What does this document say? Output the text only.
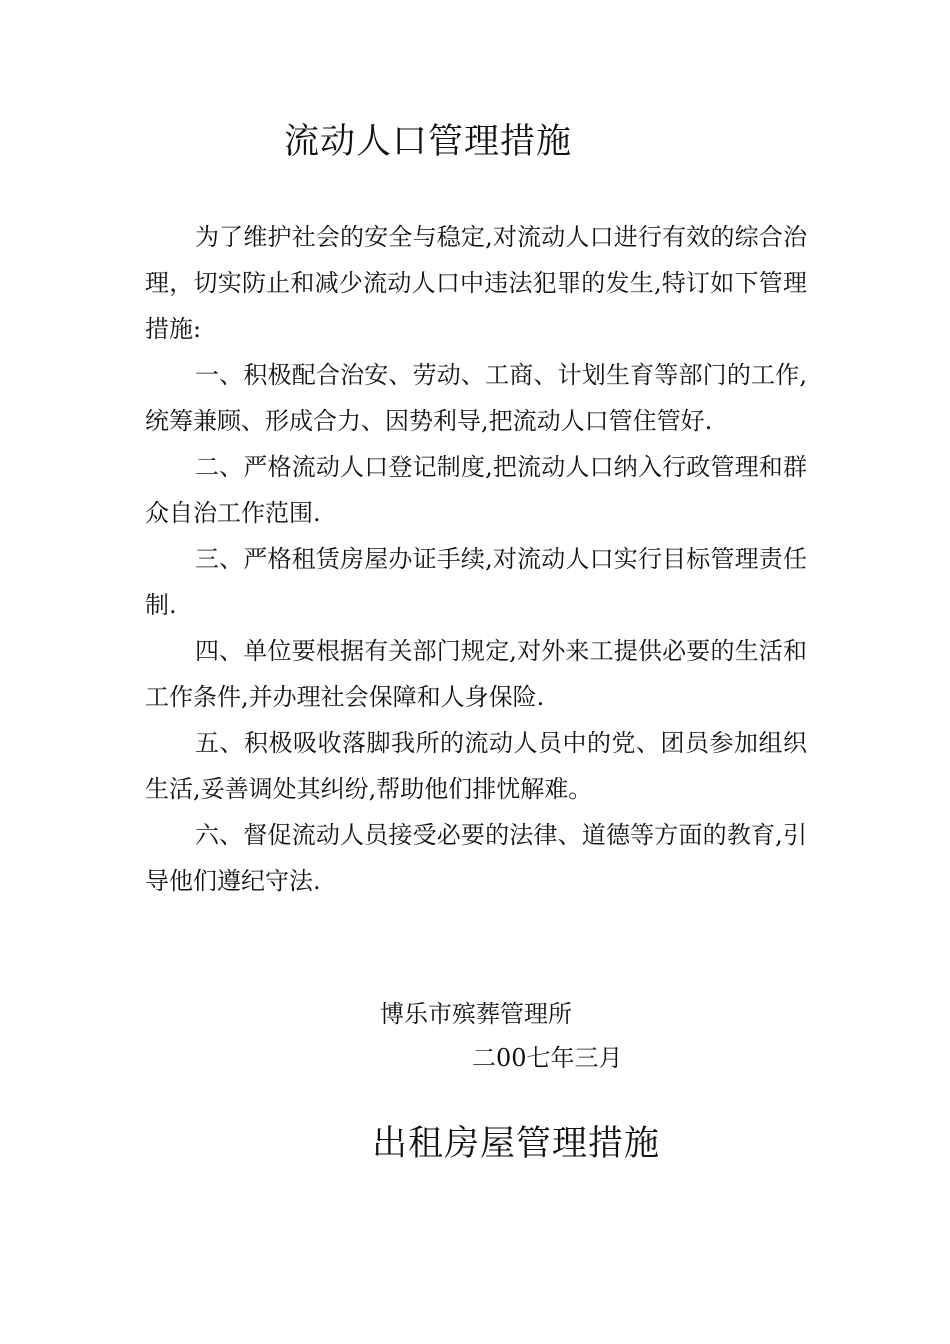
流动人口管理措施

为了维护社会的安全与稳定,对流动人口进行有效的综合治理，切实防止和减少流动人口中违法犯罪的发生,特订如下管理措施:

一、积极配合治安、劳动、工商、计划生育等部门的工作,统筹兼顾、形成合力、因势利导,把流动人口管住管好.

二、严格流动人口登记制度,把流动人口纳入行政管理和群众自治工作范围.

三、严格租赁房屋办证手续,对流动人口实行目标管理责任制.

四、单位要根据有关部门规定,对外来工提供必要的生活和工作条件,并办理社会保障和人身保险.

五、积极吸收落脚我所的流动人员中的党、团员参加组织生活,妥善调处其纠纷,帮助他们排忧解难。

六、督促流动人员接受必要的法律、道德等方面的教育,引导他们遵纪守法.

博乐市殡葬管理所
二00七年三月
出租房屋管理措施
